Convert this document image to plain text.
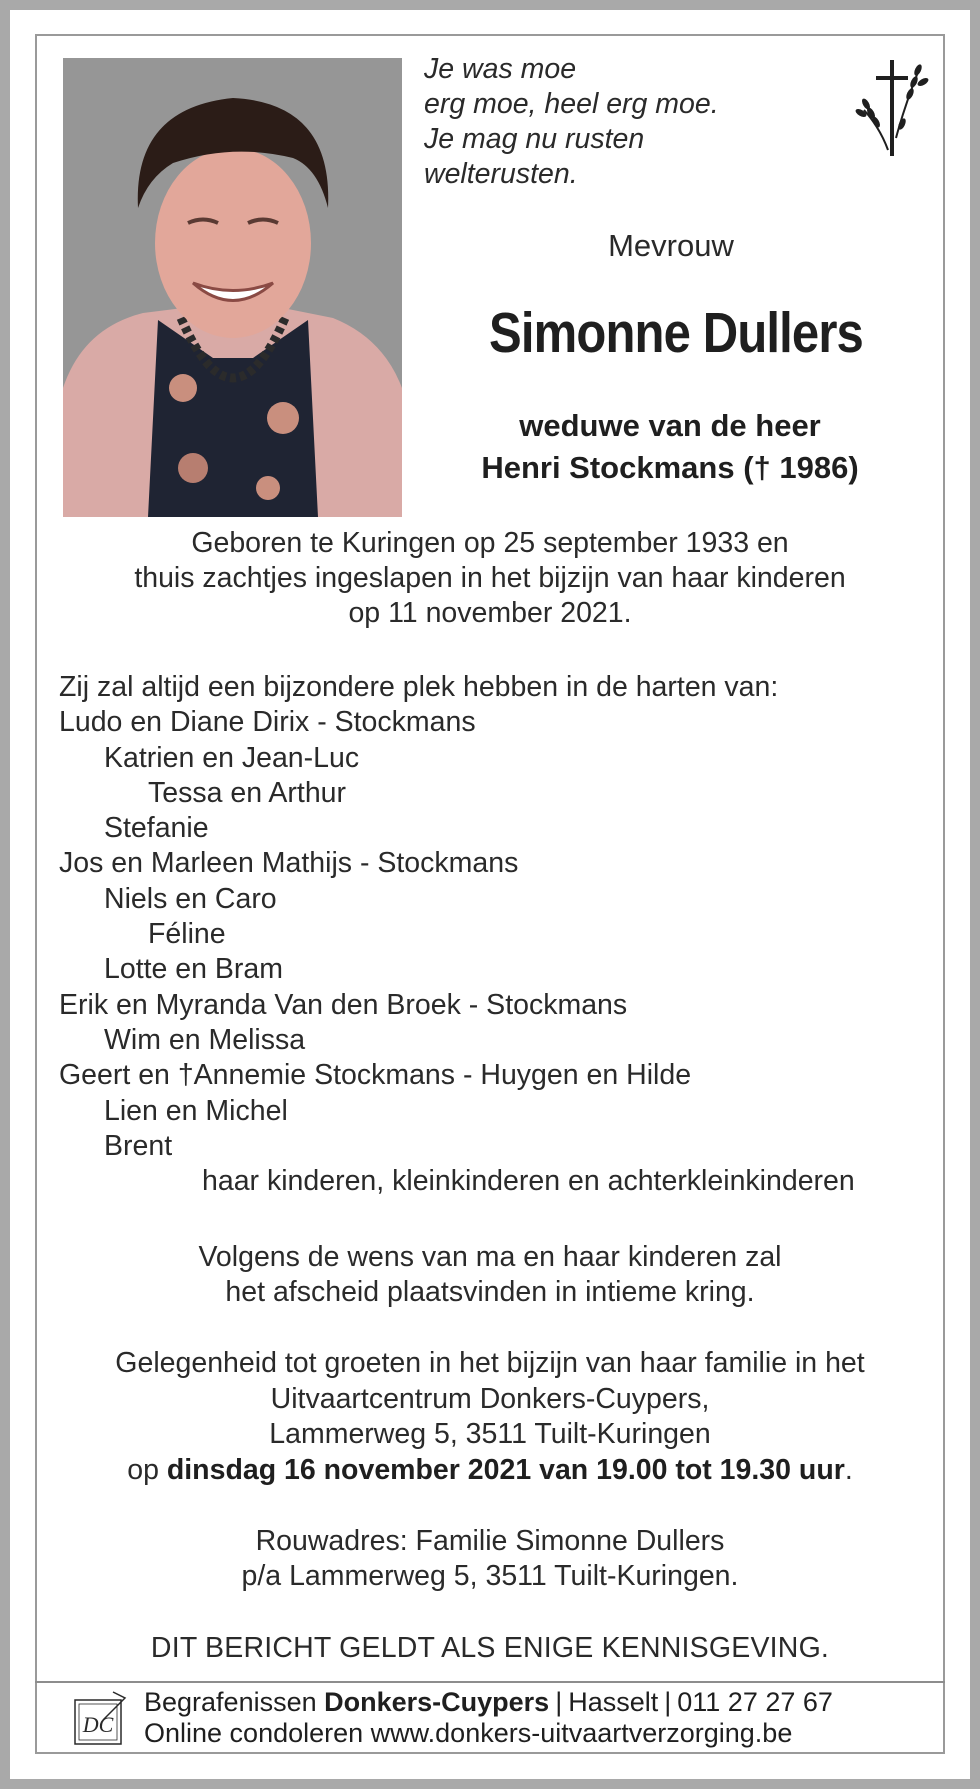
Je was moe
erg moe, heel erg moe.
Je mag nu rusten
welterusten.
Mevrouw
Simonne Dullers
weduwe van de heer
Henri Stockmans († 1986)
Geboren te Kuringen op 25 september 1933 en
thuis zachtjes ingeslapen in het bijzijn van haar kinderen
op 11 november 2021.
Zij zal altijd een bijzondere plek hebben in de harten van:
Ludo en Diane Dirix - Stockmans
Katrien en Jean-Luc
Tessa en Arthur
Stefanie
Jos en Marleen Mathijs - Stockmans
Niels en Caro
Féline
Lotte en Bram
Erik en Myranda Van den Broek - Stockmans
Wim en Melissa
Geert en †Annemie Stockmans - Huygen en Hilde
Lien en Michel
Brent
haar kinderen, kleinkinderen en achterkleinkinderen
Volgens de wens van ma en haar kinderen zal
het afscheid plaatsvinden in intieme kring.
Gelegenheid tot groeten in het bijzijn van haar familie in het
Uitvaartcentrum Donkers-Cuypers,
Lammerweg 5, 3511 Tuilt-Kuringen
op dinsdag 16 november 2021 van 19.00 tot 19.30 uur.
Rouwadres: Familie Simonne Dullers
p/a Lammerweg 5, 3511 Tuilt-Kuringen.
DIT BERICHT GELDT ALS ENIGE KENNISGEVING.
DC
Begrafenissen Donkers-Cuypers | Hasselt | 011 27 27 67
Online condoleren www.donkers-uitvaartverzorging.be
